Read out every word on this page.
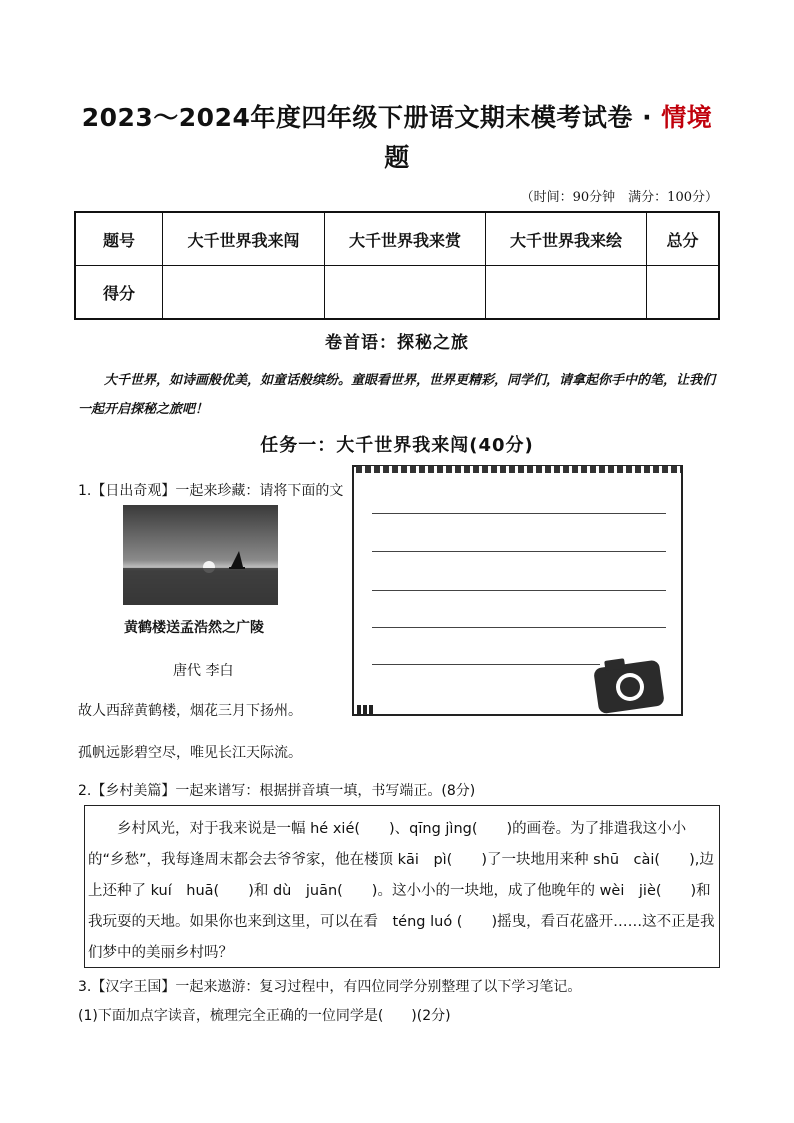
2023～2024年度四年级下册语文期末模考试卷 · 情境
题
（时间：90分钟　满分：100分）
题号	大千世界我来闯	大千世界我来赏	大千世界我来绘	总分
得分				
卷首语：探秘之旅
大千世界，如诗画般优美，如童话般缤纷。童眼看世界，世界更精彩，同学们，请拿起你手中的笔，让我们一起开启探秘之旅吧！
任务一：大千世界我来闯(40分)
1.【日出奇观】一起来珍藏：请将下面的文
黄鹤楼送孟浩然之广陵
唐代 李白
故人西辞黄鹤楼，烟花三月下扬州。
孤帆远影碧空尽，唯见长江天际流。
2.【乡村美篇】一起来谱写：根据拼音填一填，书写端正。(8分)

乡村风光，对于我来说是一幅 hé xié(　　)、qīng jìng(　　)的画卷。为了排遣我这小小的“乡愁”，我每逢周末都会去爷爷家，他在楼顶 kāi　pì(　　)了一块地用来种 shū　cài(　　),边上还种了 kuí　huā(　　)和 dù　juān(　　)。这小小的一块地，成了他晚年的 wèi　jiè(　　)和我玩耍的天地。如果你也来到这里，可以在看　téng luó (　　)摇曳，看百花盛开……这不正是我们梦中的美丽乡村吗？

3.【汉字王国】一起来遨游：复习过程中，有四位同学分别整理了以下学习笔记。
(1)下面加点字读音，梳理完全正确的一位同学是(　　)(2分)
